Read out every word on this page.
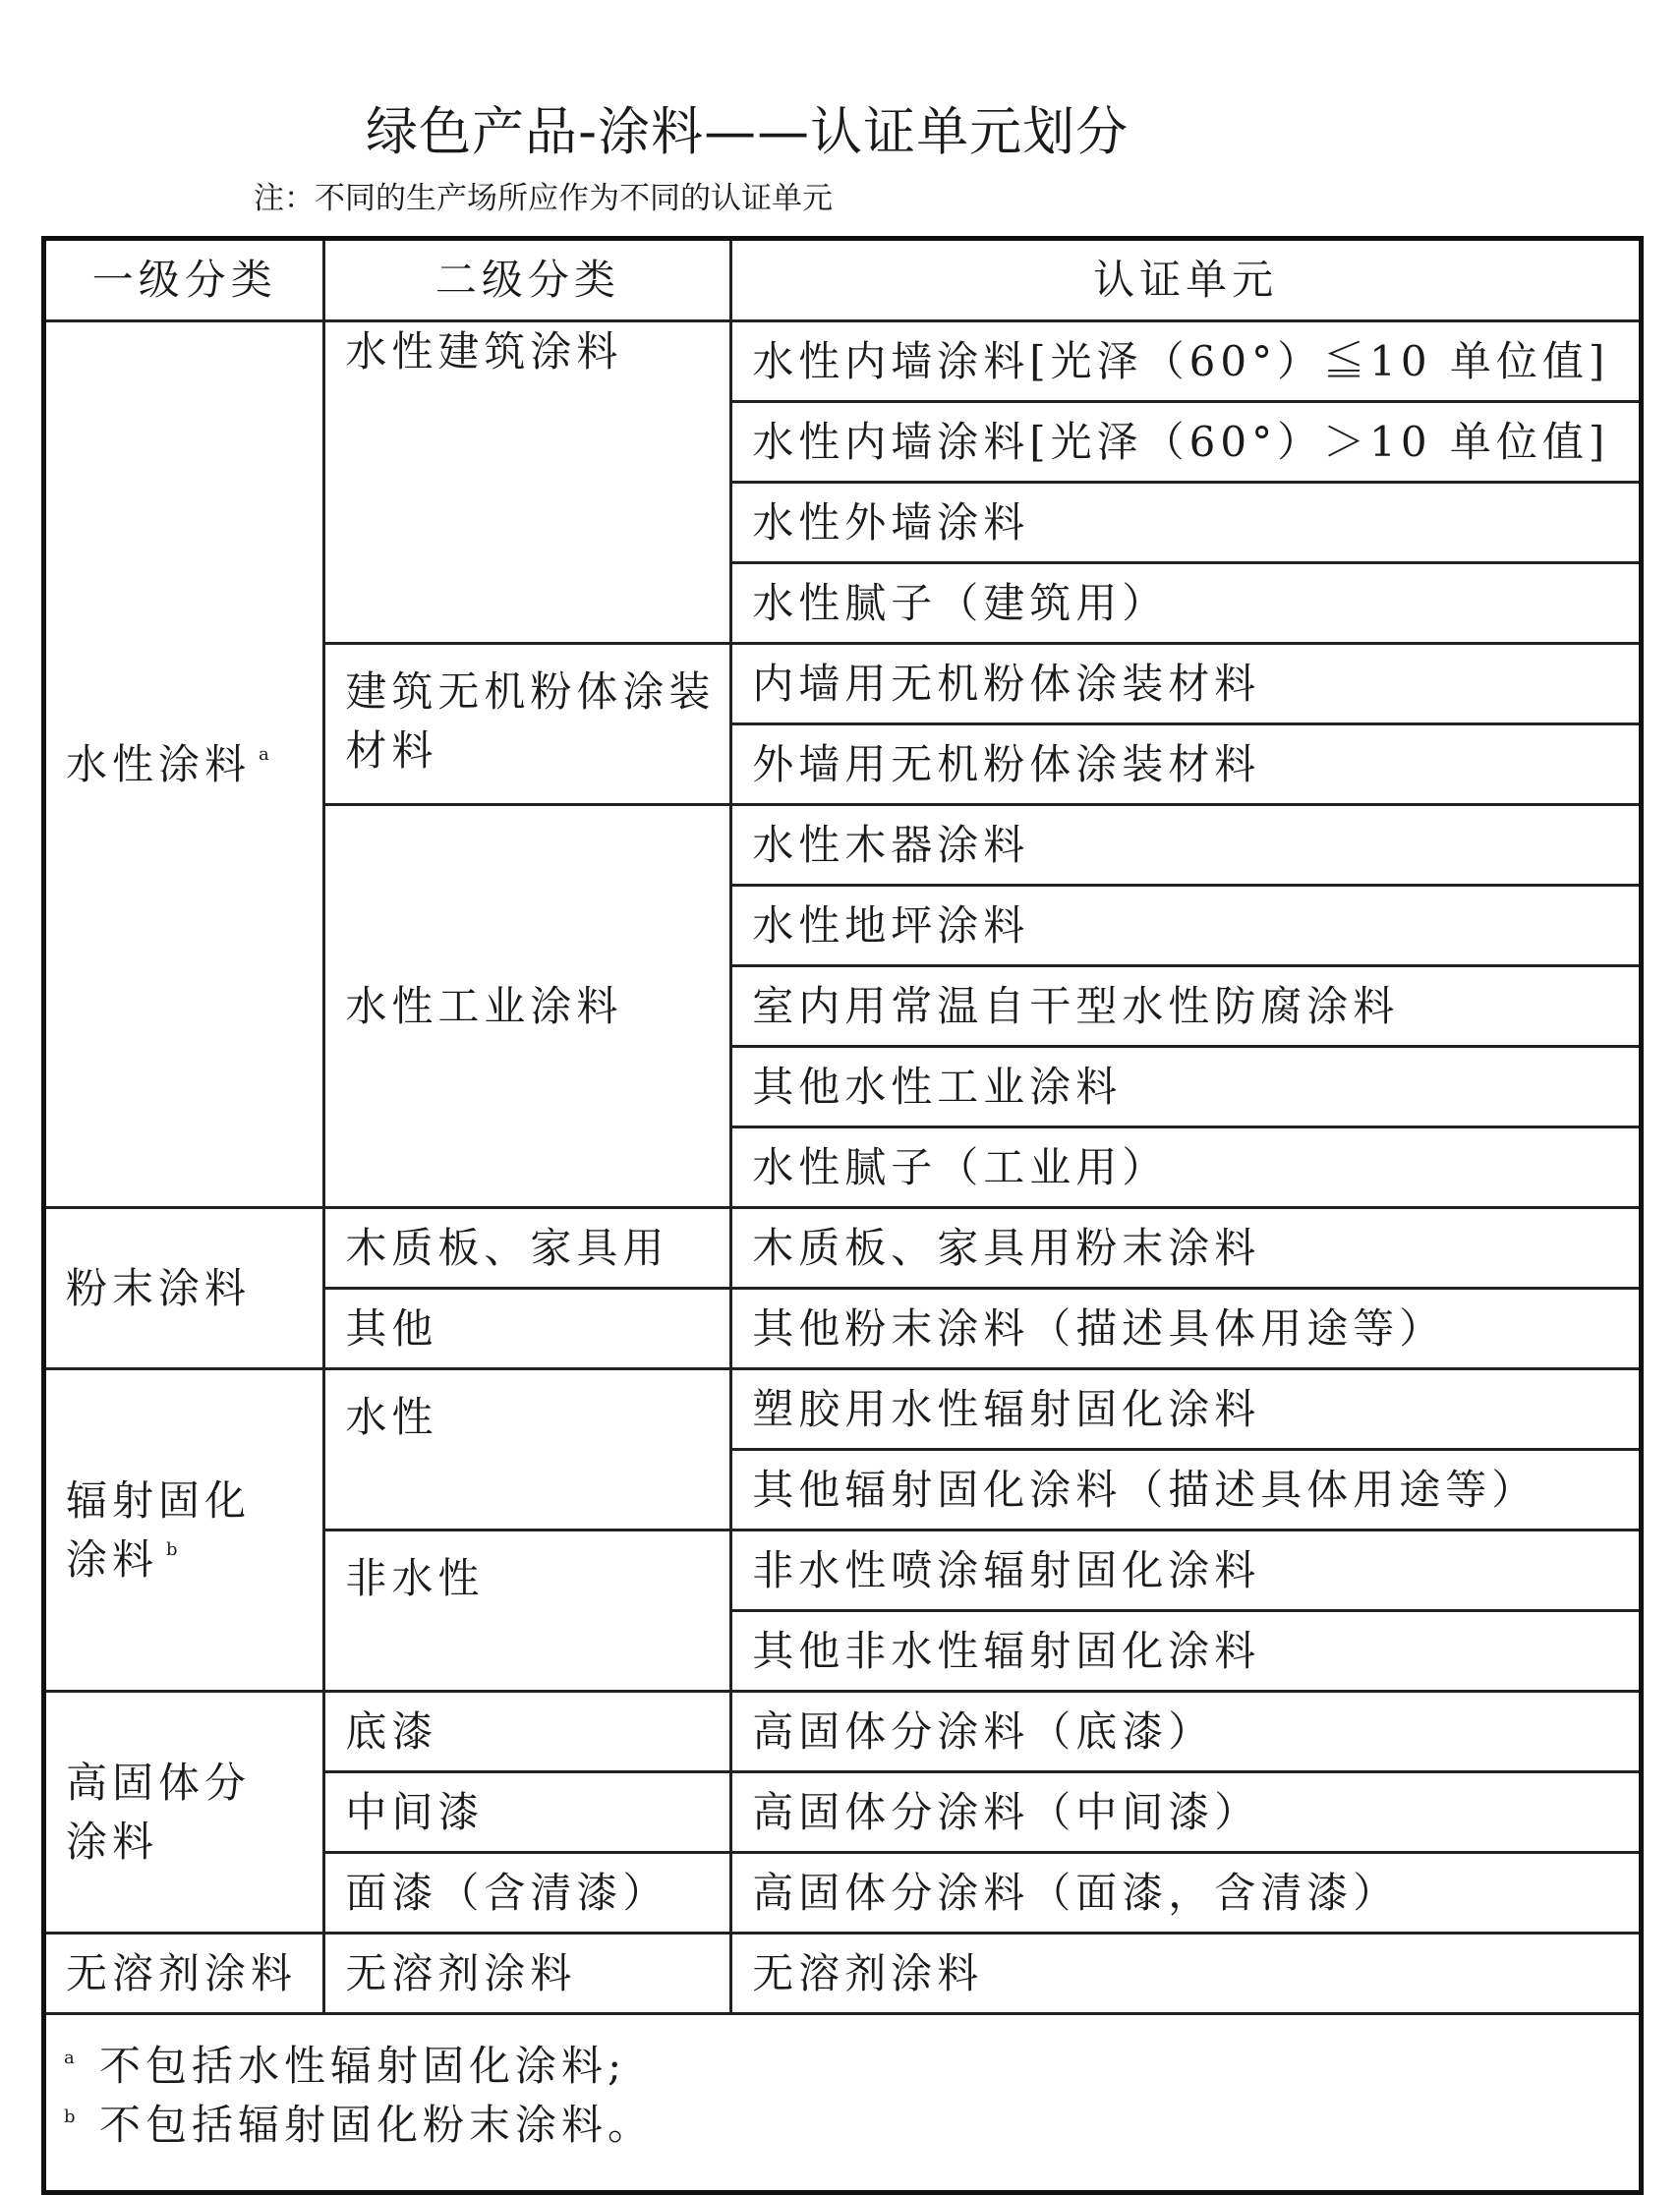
绿色产品-涂料——认证单元划分
注：不同的生产场所应作为不同的认证单元
一级分类	二级分类	认证单元
水性涂料 $^a$	水性建筑涂料	水性内墙涂料[光泽（60°）≦10 单位值]
		水性内墙涂料[光泽（60°）＞10 单位值]
		水性外墙涂料
		水性腻子（建筑用）
	建筑无机粉体涂装材料	内墙用无机粉体涂装材料
		外墙用无机粉体涂装材料
	水性工业涂料	水性木器涂料
		水性地坪涂料
		室内用常温自干型水性防腐涂料
		其他水性工业涂料
		水性腻子（工业用）
粉末涂料	木质板、家具用	木质板、家具用粉末涂料
	其他	其他粉末涂料（描述具体用途等）
辐射固化涂料 $^b$	水性	塑胶用水性辐射固化涂料
		其他辐射固化涂料（描述具体用途等）
	非水性	非水性喷涂辐射固化涂料
		其他非水性辐射固化涂料
高固体分涂料	底漆	高固体分涂料（底漆）
	中间漆	高固体分涂料（中间漆）
	面漆（含清漆）	高固体分涂料（面漆，含清漆）
无溶剂涂料	无溶剂涂料	无溶剂涂料

a 不包括水性辐射固化涂料;
b 不包括辐射固化粉末涂料。		
